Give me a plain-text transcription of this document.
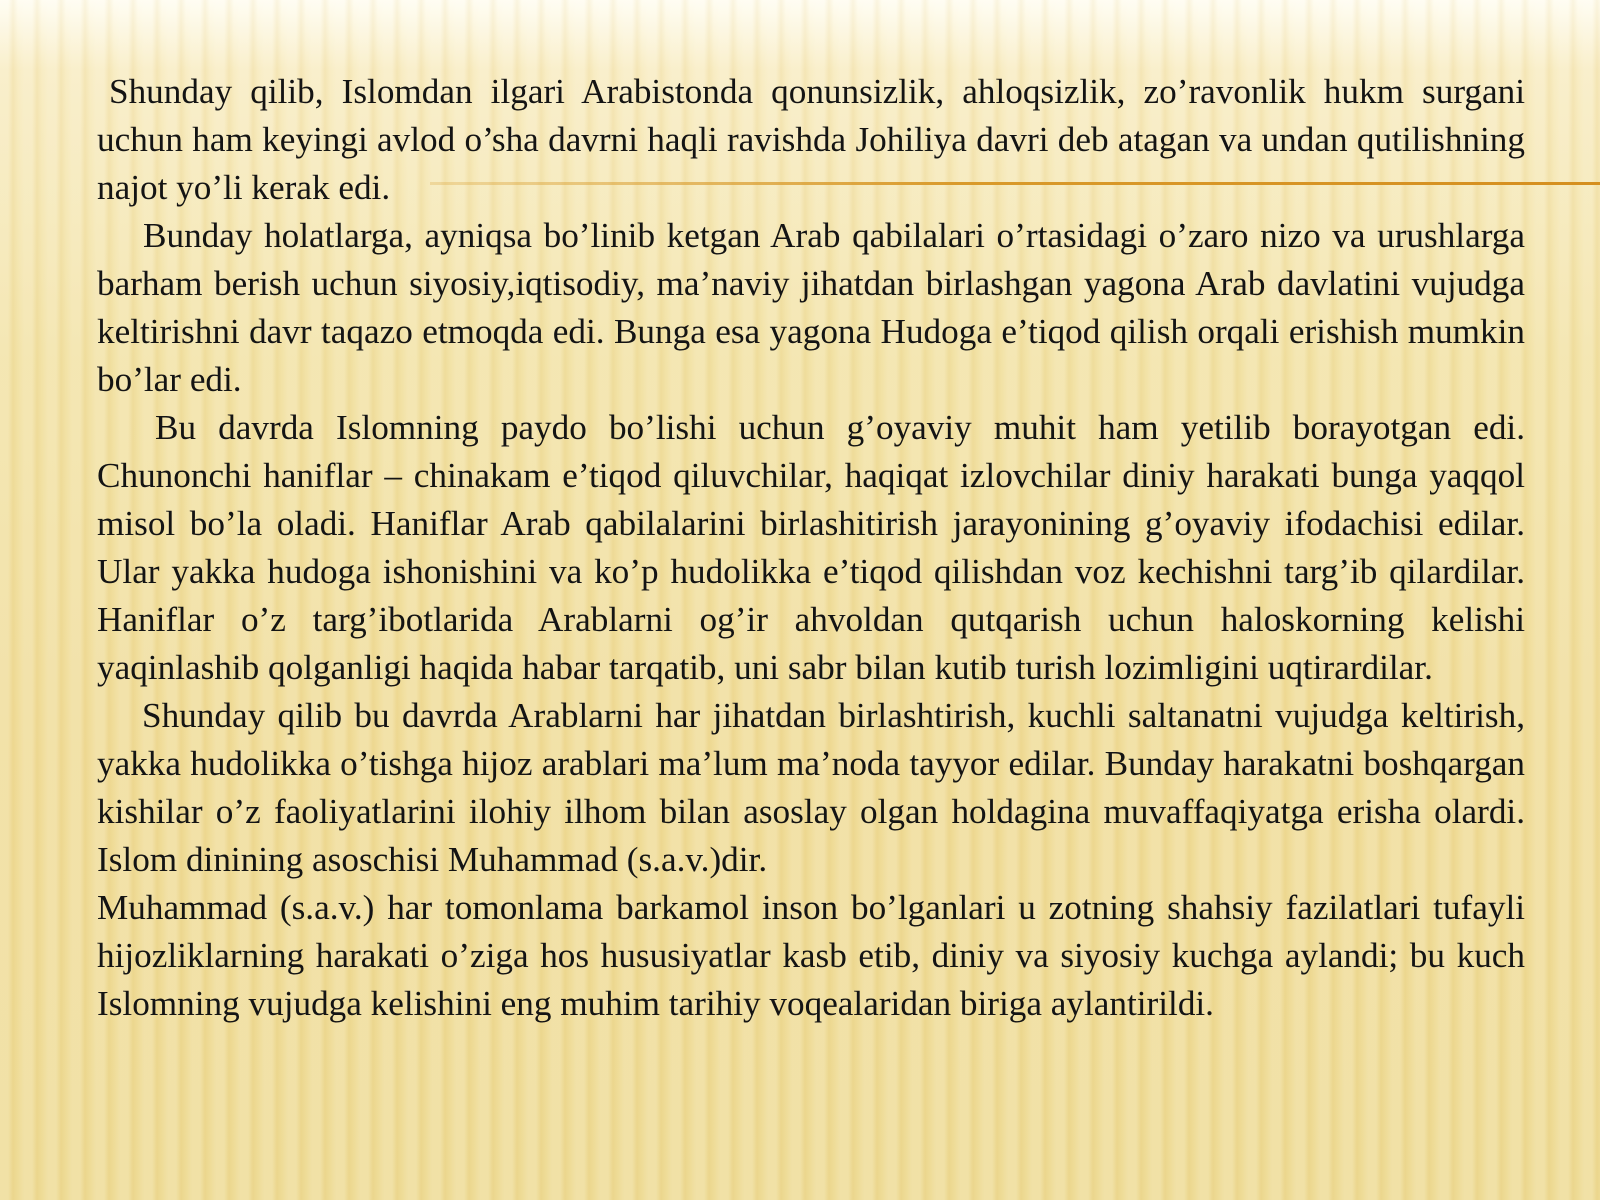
Shunday qilib, Islomdan ilgari Arabistonda qonunsizlik, ahloqsizlik, zo’ravonlik hukm surgani uchun ham keyingi avlod o’sha davrni haqli ravishda Johiliya davri deb atagan va undan qutilishning najot yo’li kerak edi.

Bunday holatlarga, ayniqsa bo’linib ketgan Arab qabilalari o’rtasidagi o’zaro nizo va urushlarga barham berish uchun siyosiy,iqtisodiy, ma’naviy jihatdan birlashgan yagona Arab davlatini vujudga keltirishni davr taqazo etmoqda edi. Bunga esa yagona Hudoga e’tiqod qilish orqali erishish mumkin bo’lar edi.

Bu davrda Islomning paydo bo’lishi uchun g’oyaviy muhit ham yetilib borayotgan edi. Chunonchi haniflar – chinakam e’tiqod qiluvchilar, haqiqat izlovchilar diniy harakati bunga yaqqol misol bo’la oladi. Haniflar Arab qabilalarini birlashitirish jarayonining g’oyaviy ifodachisi edilar. Ular yakka hudoga ishonishini va ko’p hudolikka e’tiqod qilishdan voz kechishni targ’ib qilardilar. Haniflar o’z targ’ibotlarida Arablarni og’ir ahvoldan qutqarish uchun haloskorning kelishi yaqinlashib qolganligi haqida habar tarqatib, uni sabr bilan kutib turish lozimligini uqtirardilar.

Shunday qilib bu davrda Arablarni har jihatdan birlashtirish, kuchli saltanatni vujudga keltirish, yakka hudolikka o’tishga hijoz arablari ma’lum ma’noda tayyor edilar. Bunday harakatni boshqargan kishilar o’z faoliyatlarini ilohiy ilhom bilan asoslay olgan holdagina muvaffaqiyatga erisha olardi. Islom dinining asoschisi Muhammad (s.a.v.)dir.

Muhammad (s.a.v.) har tomonlama barkamol inson bo’lganlari u zotning shahsiy fazilatlari tufayli hijozliklarning harakati o’ziga hos hususiyatlar kasb etib, diniy va siyosiy kuchga aylandi; bu kuch Islomning vujudga kelishini eng muhim tarihiy voqealaridan biriga aylantirildi.
